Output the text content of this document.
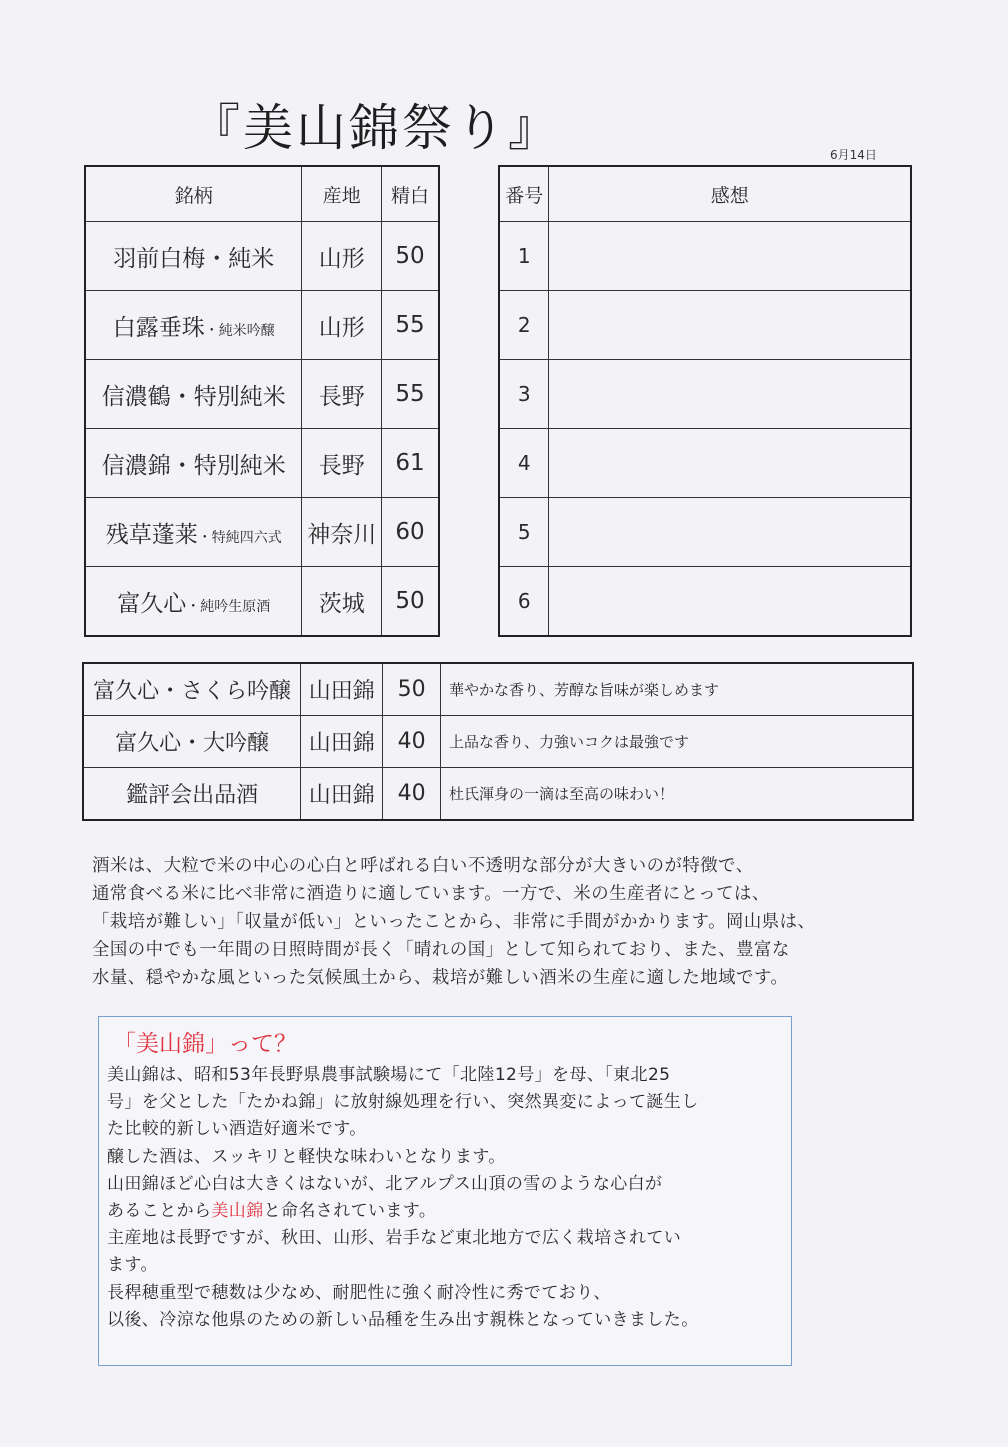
『美山錦祭り』	6月14日
銘柄	産地	精白
羽前白梅・純米	山形	50
白露垂珠・純米吟醸	山形	55
信濃鶴・特別純米	長野	55
信濃錦・特別純米	長野	61
残草蓬莱・特純四六式	神奈川	60
富久心・純吟生原酒	茨城	50
番号	感想
1	
2	
3	
4	
5	
6	
富久心・さくら吟醸	山田錦	50	華やかな香り、芳醇な旨味が楽しめます
富久心・大吟醸	山田錦	40	上品な香り、力強いコクは最強です
鑑評会出品酒	山田錦	40	杜氏渾身の一滴は至高の味わい！

酒米は、大粒で米の中心の心白と呼ばれる白い不透明な部分が大きいのが特徴で、

通常食べる米に比べ非常に酒造りに適しています。一方で、米の生産者にとっては、

「栽培が難しい」「収量が低い」といったことから、非常に手間がかかります。岡山県は、

全国の中でも一年間の日照時間が長く「晴れの国」として知られており、また、豊富な

水量、穏やかな風といった気候風土から、栽培が難しい酒米の生産に適した地域です。

「美山錦」って？

美山錦は、昭和53年長野県農事試験場にて「北陸12号」を母、「東北25

号」を父とした「たかね錦」に放射線処理を行い、突然異変によって誕生し

た比較的新しい酒造好適米です。

醸した酒は、スッキリと軽快な味わいとなります。

山田錦ほど心白は大きくはないが、北アルプス山頂の雪のような心白が

あることから美山錦と命名されています。

主産地は長野ですが、秋田、山形、岩手など東北地方で広く栽培されてい

ます。

長稈穂重型で穂数は少なめ、耐肥性に強く耐冷性に秀でており、

以後、冷涼な他県のための新しい品種を生み出す親株となっていきました。
